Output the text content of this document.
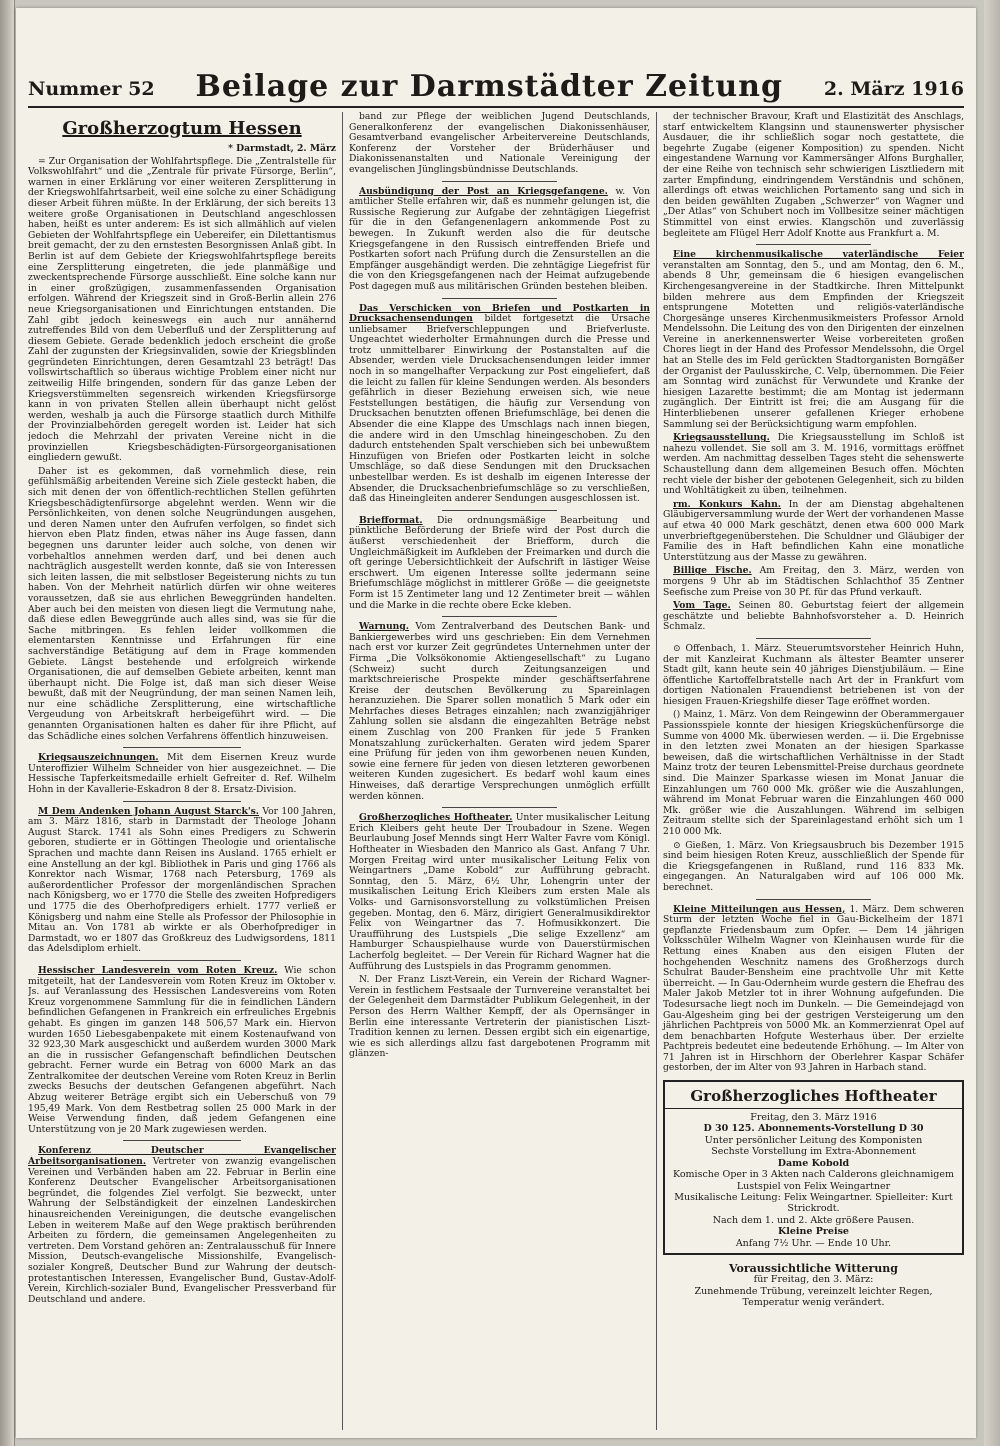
Nummer 52 Beilage zur Darmstädter Zeitung 2. März 1916
Großherzogtum Hessen
* Darmstadt, 2. März

= Zur Organisation der Wohlfahrtspflege. Die „Zentralstelle für Volkswohlfahrt“ und die „Zentrale für private Fürsorge, Berlin“, warnen in einer Erklärung vor einer weiteren Zersplitterung in der Kriegswohlfahrtsarbeit, weil eine solche zu einer Schädigung dieser Arbeit führen müßte. In der Erklärung, der sich bereits 13 weitere große Organisationen in Deutschland angeschlossen haben, heißt es unter anderem: Es ist sich allmählich auf vielen Gebieten der Wohlfahrtspflege ein Uebereifer, ein Dilettantismus breit gemacht, der zu den ernstesten Besorgnissen Anlaß gibt. In Berlin ist auf dem Gebiete der Kriegswohlfahrtspflege bereits eine Zersplitterung eingetreten, die jede planmäßige und zweckentsprechende Fürsorge ausschließt. Eine solche kann nur in einer großzügigen, zusammenfassenden Organisation erfolgen. Während der Kriegszeit sind in Groß-Berlin allein 276 neue Kriegsorganisationen und Einrichtungen entstanden. Die Zahl gibt jedoch keineswegs ein auch nur annähernd zutreffendes Bild von dem Ueberfluß und der Zersplitterung auf diesem Gebiete. Gerade bedenklich jedoch erscheint die große Zahl der zugunsten der Kriegsinvaliden, sowie der Kriegsblinden gegründeten Einrichtungen, deren Gesamtzahl 23 beträgt! Das vollswirtschaftlich so überaus wichtige Problem einer nicht nur zeitweilig Hilfe bringenden, sondern für das ganze Leben der Kriegsverstümmelten segensreich wirkenden Kriegsfürsorge kann in von privaten Stellen allein überhaupt nicht gelöst werden, weshalb ja auch die Fürsorge staatlich durch Mithilfe der Provinzialbehörden geregelt worden ist. Leider hat sich jedoch die Mehrzahl der privaten Vereine nicht in die provinziellen Kriegsbeschädigten-Fürsorgeorganisationen eingliedern gewußt.

Daher ist es gekommen, daß vornehmlich diese, rein gefühlsmäßig arbeitenden Vereine sich Ziele gesteckt haben, die sich mit denen der von öffentlich-rechtlichen Stellen geführten Kriegsbeschädigtenfürsorge abgelehnt werden. Wenn wir die Persönlichkeiten, von denen solche Neugründungen ausgehen, und deren Namen unter den Aufrufen verfolgen, so findet sich hiervon eben Platz finden, etwas näher ins Auge fassen, dann begegnen uns darunter leider auch solche, von denen wir vorbehaltlos annehmen werden darf, und bei denen auch nachträglich ausgestellt werden konnte, daß sie von Interessen sich leiten lassen, die mit selbstloser Begeisterung nichts zu tun haben. Von der Mehrheit natürlich dürfen wir ohne weiteres voraussetzen, daß sie aus ehrlichen Beweggründen handelten. Aber auch bei den meisten von diesen liegt die Vermutung nahe, daß diese edlen Beweggründe auch alles sind, was sie für die Sache mitbringen. Es fehlen leider vollkommen die elementarsten Kenntnisse und Erfahrungen für eine sachverständige Betätigung auf dem in Frage kommenden Gebiete. Längst bestehende und erfolgreich wirkende Organisationen, die auf demselben Gebiete arbeiten, kennt man überhaupt nicht. Die Folge ist, daß man sich dieser Weise bewußt, daß mit der Neugründung, der man seinen Namen leih, nur eine schädliche Zersplitterung, eine wirtschaftliche Vergeudung von Arbeitskraft herbeigeführt wird. — Die genannten Organisationen halten es daher für ihre Pflicht, auf das Schädliche eines solchen Verfahrens öffentlich hinzuweisen.

Kriegsauszeichnungen. Mit dem Eisernen Kreuz wurde Unteroffizier Wilhelm Schneider von hier ausgezeichnet. — Die Hessische Tapferkeitsmedaille erhielt Gefreiter d. Ref. Wilhelm Hohn in der Kavallerie-Eskadron 8 der 8. Ersatz-Division.

M Dem Andenken Johann August Starck's. Vor 100 Jahren, am 3. März 1816, starb in Darmstadt der Theologe Johann August Starck. 1741 als Sohn eines Predigers zu Schwerin geboren, studierte er in Göttingen Theologie und orientalische Sprachen und machte dann Reisen ins Ausland. 1765 erhielt er eine Anstellung an der kgl. Bibliothek in Paris und ging 1766 als Konrektor nach Wismar, 1768 nach Petersburg, 1769 als außerordentlicher Professor der morgenländischen Sprachen nach Königsberg, wo er 1770 die Stelle des zweiten Hofpredigers und 1775 die des Oberhofpredigers erhielt. 1777 verließ er Königsberg und nahm eine Stelle als Professor der Philosophie in Mitau an. Von 1781 ab wirkte er als Oberhofprediger in Darmstadt, wo er 1807 das Großkreuz des Ludwigsordens, 1811 das Adelsdiplom erhielt.

Hessischer Landesverein vom Roten Kreuz. Wie schon mitgeteilt, hat der Landesverein vom Roten Kreuz im Oktober v. Js. auf Veranlassung des Hessischen Landesvereins vom Roten Kreuz vorgenommene Sammlung für die in feindlichen Ländern befindlichen Gefangenen in Frankreich ein erfreuliches Ergebnis gehabt. Es gingen im ganzen 148 506,57 Mark ein. Hiervon wurden 1650 Liebesgabenpakete mit einem Kostenaufwand von 32 923,30 Mark ausgeschickt und außerdem wurden 3000 Mark an die in russischer Gefangenschaft befindlichen Deutschen gebracht. Ferner wurde ein Betrag von 6000 Mark an das Zentralkomitee der deutschen Vereine vom Roten Kreuz in Berlin zwecks Besuchs der deutschen Gefangenen abgeführt. Nach Abzug weiterer Beträge ergibt sich ein Ueberschuß von 79 195,49 Mark. Von dem Restbetrag sollen 25 000 Mark in der Weise Verwendung finden, daß jedem Gefangenen eine Unterstützung von je 20 Mark zugewiesen werden.

Konferenz Deutscher Evangelischer Arbeitsorganisationen. Vertreter von zwanzig evangelischen Vereinen und Verbänden haben am 22. Februar in Berlin eine Konferenz Deutscher Evangelischer Arbeitsorganisationen begründet, die folgendes Ziel verfolgt. Sie bezweckt, unter Wahrung der Selbständigkeit der einzelnen Landeskirchen hinausreichenden Vereinigungen, die deutsche evangelischen Leben in weiterem Maße auf den Wege praktisch berührenden Arbeiten zu fördern, die gemeinsamen Angelegenheiten zu vertreten. Dem Vorstand gehören an: Zentralausschuß für Innere Mission, Deutsch-evangelische Missionshilfe, Evangelisch-sozialer Kongreß, Deutscher Bund zur Wahrung der deutsch-protestantischen Interessen, Evangelischer Bund, Gustav-Adolf-Verein, Kirchlich-sozialer Bund, Evangelischer Pressverband für Deutschland und andere.

band zur Pflege der weiblichen Jugend Deutschlands, Generalkonferenz der evangelischen Diakonissenhäuser, Gesamtverband evangelischer Arbeitervereine Deutschlands, Konferenz der Vorsteher der Brüderhäuser und Diakonissenanstalten und Nationale Vereinigung der evangelischen Jünglingsbündnisse Deutschlands.

Ausbündigung der Post an Kriegsgefangene. w. Von amtlicher Stelle erfahren wir, daß es nunmehr gelungen ist, die Russische Regierung zur Aufgabe der zehntägigen Liegefrist für die in den Gefangenenlagern ankommende Post zu bewegen. In Zukunft werden also die für deutsche Kriegsgefangene in den Russisch eintreffenden Briefe und Postkarten sofort nach Prüfung durch die Zensurstellen an die Empfänger ausgehändigt werden. Die zehntägige Liegefrist für die von den Kriegsgefangenen nach der Heimat aufzugebende Post dagegen muß aus militärischen Gründen bestehen bleiben.

Das Verschicken von Briefen und Postkarten in Drucksachensendungen bildet fortgesetzt die Ursache unliebsamer Briefverschleppungen und Briefverluste. Ungeachtet wiederholter Ermahnungen durch die Presse und trotz unmittelbarer Einwirkung der Postanstalten auf die Absender, werden viele Drucksachensendungen leider immer noch in so mangelhafter Verpackung zur Post eingeliefert, daß die leicht zu fallen für kleine Sendungen werden. Als besonders gefährlich in dieser Beziehung erweisen sich, wie neue Feststellungen bestätigen, die häufig zur Versendung von Drucksachen benutzten offenen Briefumschläge, bei denen die Absender die eine Klappe des Umschlags nach innen biegen, die andere wird in den Umschlag hineingeschoben. Zu den dadurch entstehenden Spalt verschieben sich bei unbewußtem Hinzufügen von Briefen oder Postkarten leicht in solche Umschläge, so daß diese Sendungen mit den Drucksachen unbestellbar werden. Es ist deshalb im eigenen Interesse der Absender, die Drucksachenbriefumschläge so zu verschließen, daß das Hineingleiten anderer Sendungen ausgeschlossen ist.

Briefformat. Die ordnungsmäßige Bearbeitung und pünktliche Beförderung der Briefe wird der Post durch die äußerst verschiedenheit der Briefform, durch die Ungleichmäßigkeit im Aufkleben der Freimarken und durch die oft geringe Uebersichtlichkeit der Aufschrift in lästiger Weise erschwert. Um eigenen Interesse sollte jedermann seine Briefumschläge möglichst in mittlerer Größe — die geeignetste Form ist 15 Zentimeter lang und 12 Zentimeter breit — wählen und die Marke in die rechte obere Ecke kleben.

Warnung. Vom Zentralverband des Deutschen Bank- und Bankiergewerbes wird uns geschrieben: Ein dem Vernehmen nach erst vor kurzer Zeit gegründetes Unternehmen unter der Firma „Die Volksökonomie Aktiengesellschaft“ zu Lugano (Schweiz) sucht durch Zeitungsanzeigen und marktschreierische Prospekte minder geschäftserfahrene Kreise der deutschen Bevölkerung zu Spareinlagen heranzuziehen. Die Sparer sollen monatlich 5 Mark oder ein Mehrfaches dieses Betrages einzahlen; nach zwanzigjähriger Zahlung sollen sie alsdann die eingezahlten Beträge nebst einem Zuschlag von 200 Franken für jede 5 Franken Monatszahlung zurückerhalten. Geraten wird jedem Sparer eine Prüfung für jeden von ihm geworbenen neuen Kunden, sowie eine fernere für jeden von diesen letzteren geworbenen weiteren Kunden zugesichert. Es bedarf wohl kaum eines Hinweises, daß derartige Versprechungen unmöglich erfüllt werden können.

Großherzogliches Hoftheater. Unter musikalischer Leitung Erich Kleibers geht heute Der Troubadour in Szene. Wegen Beurlaubung Josef Mennds singt Herr Walter Favre vom Königl. Hoftheater in Wiesbaden den Manrico als Gast. Anfang 7 Uhr. Morgen Freitag wird unter musikalischer Leitung Felix von Weingartners „Dame Kobold“ zur Aufführung gebracht. Sonntag, den 5. März, 6½ Uhr, Lohengrin unter der musikalischen Leitung Erich Kleibers zum ersten Male als Volks- und Garnisonsvorstellung zu volkstümlichen Preisen gegeben. Montag, den 6. März, dirigiert Generalmusikdirektor Felix von Weingartner das 7. Hofmusikkonzert. Die Uraufführung des Lustspiels „Die selige Exzellenz“ am Hamburger Schauspielhause wurde von Dauerstürmischen Lacherfolg begleitet. — Der Verein für Richard Wagner hat die Aufführung des Lustspiels in das Programm genommen.

N. Der Franz Liszt-Verein, ein Verein der Richard Wagner-Verein in festlichem Festsaale der Turnvereine veranstaltet bei der Gelegenheit dem Darmstädter Publikum Gelegenheit, in der Person des Herrn Walther Kempff, der als Opernsänger in Berlin eine interessante Vertreterin der pianistischen Liszt-Tradition kennen zu lernen. Dessen ergibt sich ein eigenartige, wie es sich allerdings allzu fast dargebotenen Programm mit glänzen-

der technischer Bravour, Kraft und Elastizität des Anschlags, starf entwickeltem Klangsinn und staunenswerter physischer Ausdauer, die ihr schließlich sogar noch gestattete, die begehrte Zugabe (eigener Komposition) zu spenden. Nicht eingestandene Warnung vor Kammersänger Alfons Burghaller, der eine Reihe von technisch sehr schwierigen Lisztliedern mit zarter Empfindung, eindringendem Verständnis und schönen, allerdings oft etwas weichlichen Portamento sang und sich in den beiden gewählten Zugaben „Schwerzer“ von Wagner und „Der Atlas“ von Schubert noch im Vollbesitze seiner mächtigen Stimmittel von einst erwies. Klangschön und zuverlässig begleitete am Flügel Herr Adolf Knotte aus Frankfurt a. M.

Eine kirchenmusikalische vaterländische Feier veranstalten am Sonntag, den 5., und am Montag, den 6. M., abends 8 Uhr, gemeinsam die 6 hiesigen evangelischen Kirchengesangvereine in der Stadtkirche. Ihren Mittelpunkt bilden mehrere aus dem Empfinden der Kriegszeit entsprungene Motetten und religiös-vaterländische Chorgesänge unseres Kirchenmusikmeisters Professor Arnold Mendelssohn. Die Leitung des von den Dirigenten der einzelnen Vereine in anerkennenswerter Weise vorbereiteten großen Chores liegt in der Hand des Professor Mendelssohn, die Orgel hat an Stelle des im Feld gerückten Stadtorganisten Borngäßer der Organist der Paulusskirche, C. Velp, übernommen. Die Feier am Sonntag wird zunächst für Verwundete und Kranke der hiesigen Lazarette bestimmt; die am Montag ist jedermann zugänglich. Der Eintritt ist frei; die am Ausgang für die Hinterbliebenen unserer gefallenen Krieger erhobene Sammlung sei der Berücksichtigung warm empfohlen.

Kriegsausstellung. Die Kriegsausstellung im Schloß ist nahezu vollendet. Sie soll am 3. M. 1916, vormittags eröffnet werden. Am nachmittag desselben Tages steht die sehenswerte Schaustellung dann dem allgemeinen Besuch offen. Möchten recht viele der bisher der gebotenen Gelegenheit, sich zu bilden und Wohltätigkeit zu üben, teilnehmen.

rm. Konkurs Kahn. In der am Dienstag abgehaltenen Gläubigerversammlung wurde der Wert der vorhandenen Masse auf etwa 40 000 Mark geschätzt, denen etwa 600 000 Mark unverbrieftgegenüberstehen. Die Schuldner und Gläubiger der Familie des in Haft befindlichen Kahn eine monatliche Unterstützung aus der Masse zu gewähren.

Billige Fische. Am Freitag, den 3. März, werden von morgens 9 Uhr ab im Städtischen Schlachthof 35 Zentner Seefische zum Preise von 30 Pf. für das Pfund verkauft.

Vom Tage. Seinen 80. Geburtstag feiert der allgemein geschätzte und beliebte Bahnhofsvorsteher a. D. Heinrich Schmalz.

⊙ Offenbach, 1. März. Steuerumtsvorsteher Heinrich Huhn, der mit Kanzleirat Kuchmann als ältester Beamter unserer Stadt gilt, kann heute sein 40 jähriges Dienstjubiläum. — Eine öffentliche Kartoffelbratstelle nach Art der in Frankfurt vom dortigen Nationalen Frauendienst betriebenen ist von der hiesigen Frauen-Kriegshilfe dieser Tage eröffnet worden.

() Mainz, 1. März. Von dem Reingewinn der Oberammergauer Passionsspiele konnte der hiesigen Kriegsküchenfürsorge die Summe von 4000 Mk. überwiesen werden. — ii. Die Ergebnisse in den letzten zwei Monaten an der hiesigen Sparkasse beweisen, daß die wirtschaftlichen Verhältnisse in der Stadt Mainz trotz der teuren Lebensmittel-Preise durchaus geordnete sind. Die Mainzer Sparkasse wiesen im Monat Januar die Einzahlungen um 760 000 Mk. größer wie die Auszahlungen, während im Monat Februar waren die Einzahlungen 460 000 Mk. größer wie die Auszahlungen. Während im selbigen Zeitraum stellte sich der Spareinlagestand erhöht sich um 1 210 000 Mk.

⊙ Gießen, 1. März. Von Kriegsausbruch bis Dezember 1915 sind beim hiesigen Roten Kreuz, ausschließlich der Spende für die Kriegsgefangenen in Rußland, rund 116 833 Mk. eingegangen. An Naturalgaben wird auf 106 000 Mk. berechnet.

Kleine Mitteilungen aus Hessen, 1. März. Dem schweren Sturm der letzten Woche fiel in Gau-Bickelheim der 1871 gepflanzte Friedensbaum zum Opfer. — Dem 14 jährigen Volksschüler Wilhelm Wagner von Kleinhausen wurde für die Rettung eines Knaben aus den eisigen Fluten der hochgehenden Weschnitz namens des Großherzogs durch Schulrat Bauder-Bensheim eine prachtvolle Uhr mit Kette überreicht. — In Gau-Odernheim wurde gestern die Ehefrau des Maler Jakob Metzler tot in ihrer Wohnung aufgefunden. Die Todesursache liegt noch im Dunkeln. — Die Gemeindejagd von Gau-Algesheim ging bei der gestrigen Versteigerung um den jährlichen Pachtpreis von 5000 Mk. an Kommerzienrat Opel auf dem benachbarten Hofgute Westerhaus über. Der erzielte Pachtpreis bedeutet eine bedeutende Erhöhung. — Im Alter von 71 Jahren ist in Hirschhorn der Oberlehrer Kaspar Schäfer gestorben, der im Alter von 93 Jahren in Harbach stand.

Großherzogliches Hoftheater
Freitag, den 3. März 1916
D 30 125. Abonnements-Vorstellung D 30
Unter persönlicher Leitung des Komponisten
Sechste Vorstellung im Extra-Abonnement
Dame Kobold
Komische Oper in 3 Akten nach Calderons gleichnamigem Lustspiel von Felix Weingartner
Musikalische Leitung: Felix Weingartner. Spielleiter: Kurt Strickrodt.
Nach dem 1. und 2. Akte größere Pausen.
Kleine Preise
Anfang 7½ Uhr. — Ende 10 Uhr.
Voraussichtliche Witterung
für Freitag, den 3. März:
Zunehmende Trübung, vereinzelt leichter Regen,
Temperatur wenig verändert.
